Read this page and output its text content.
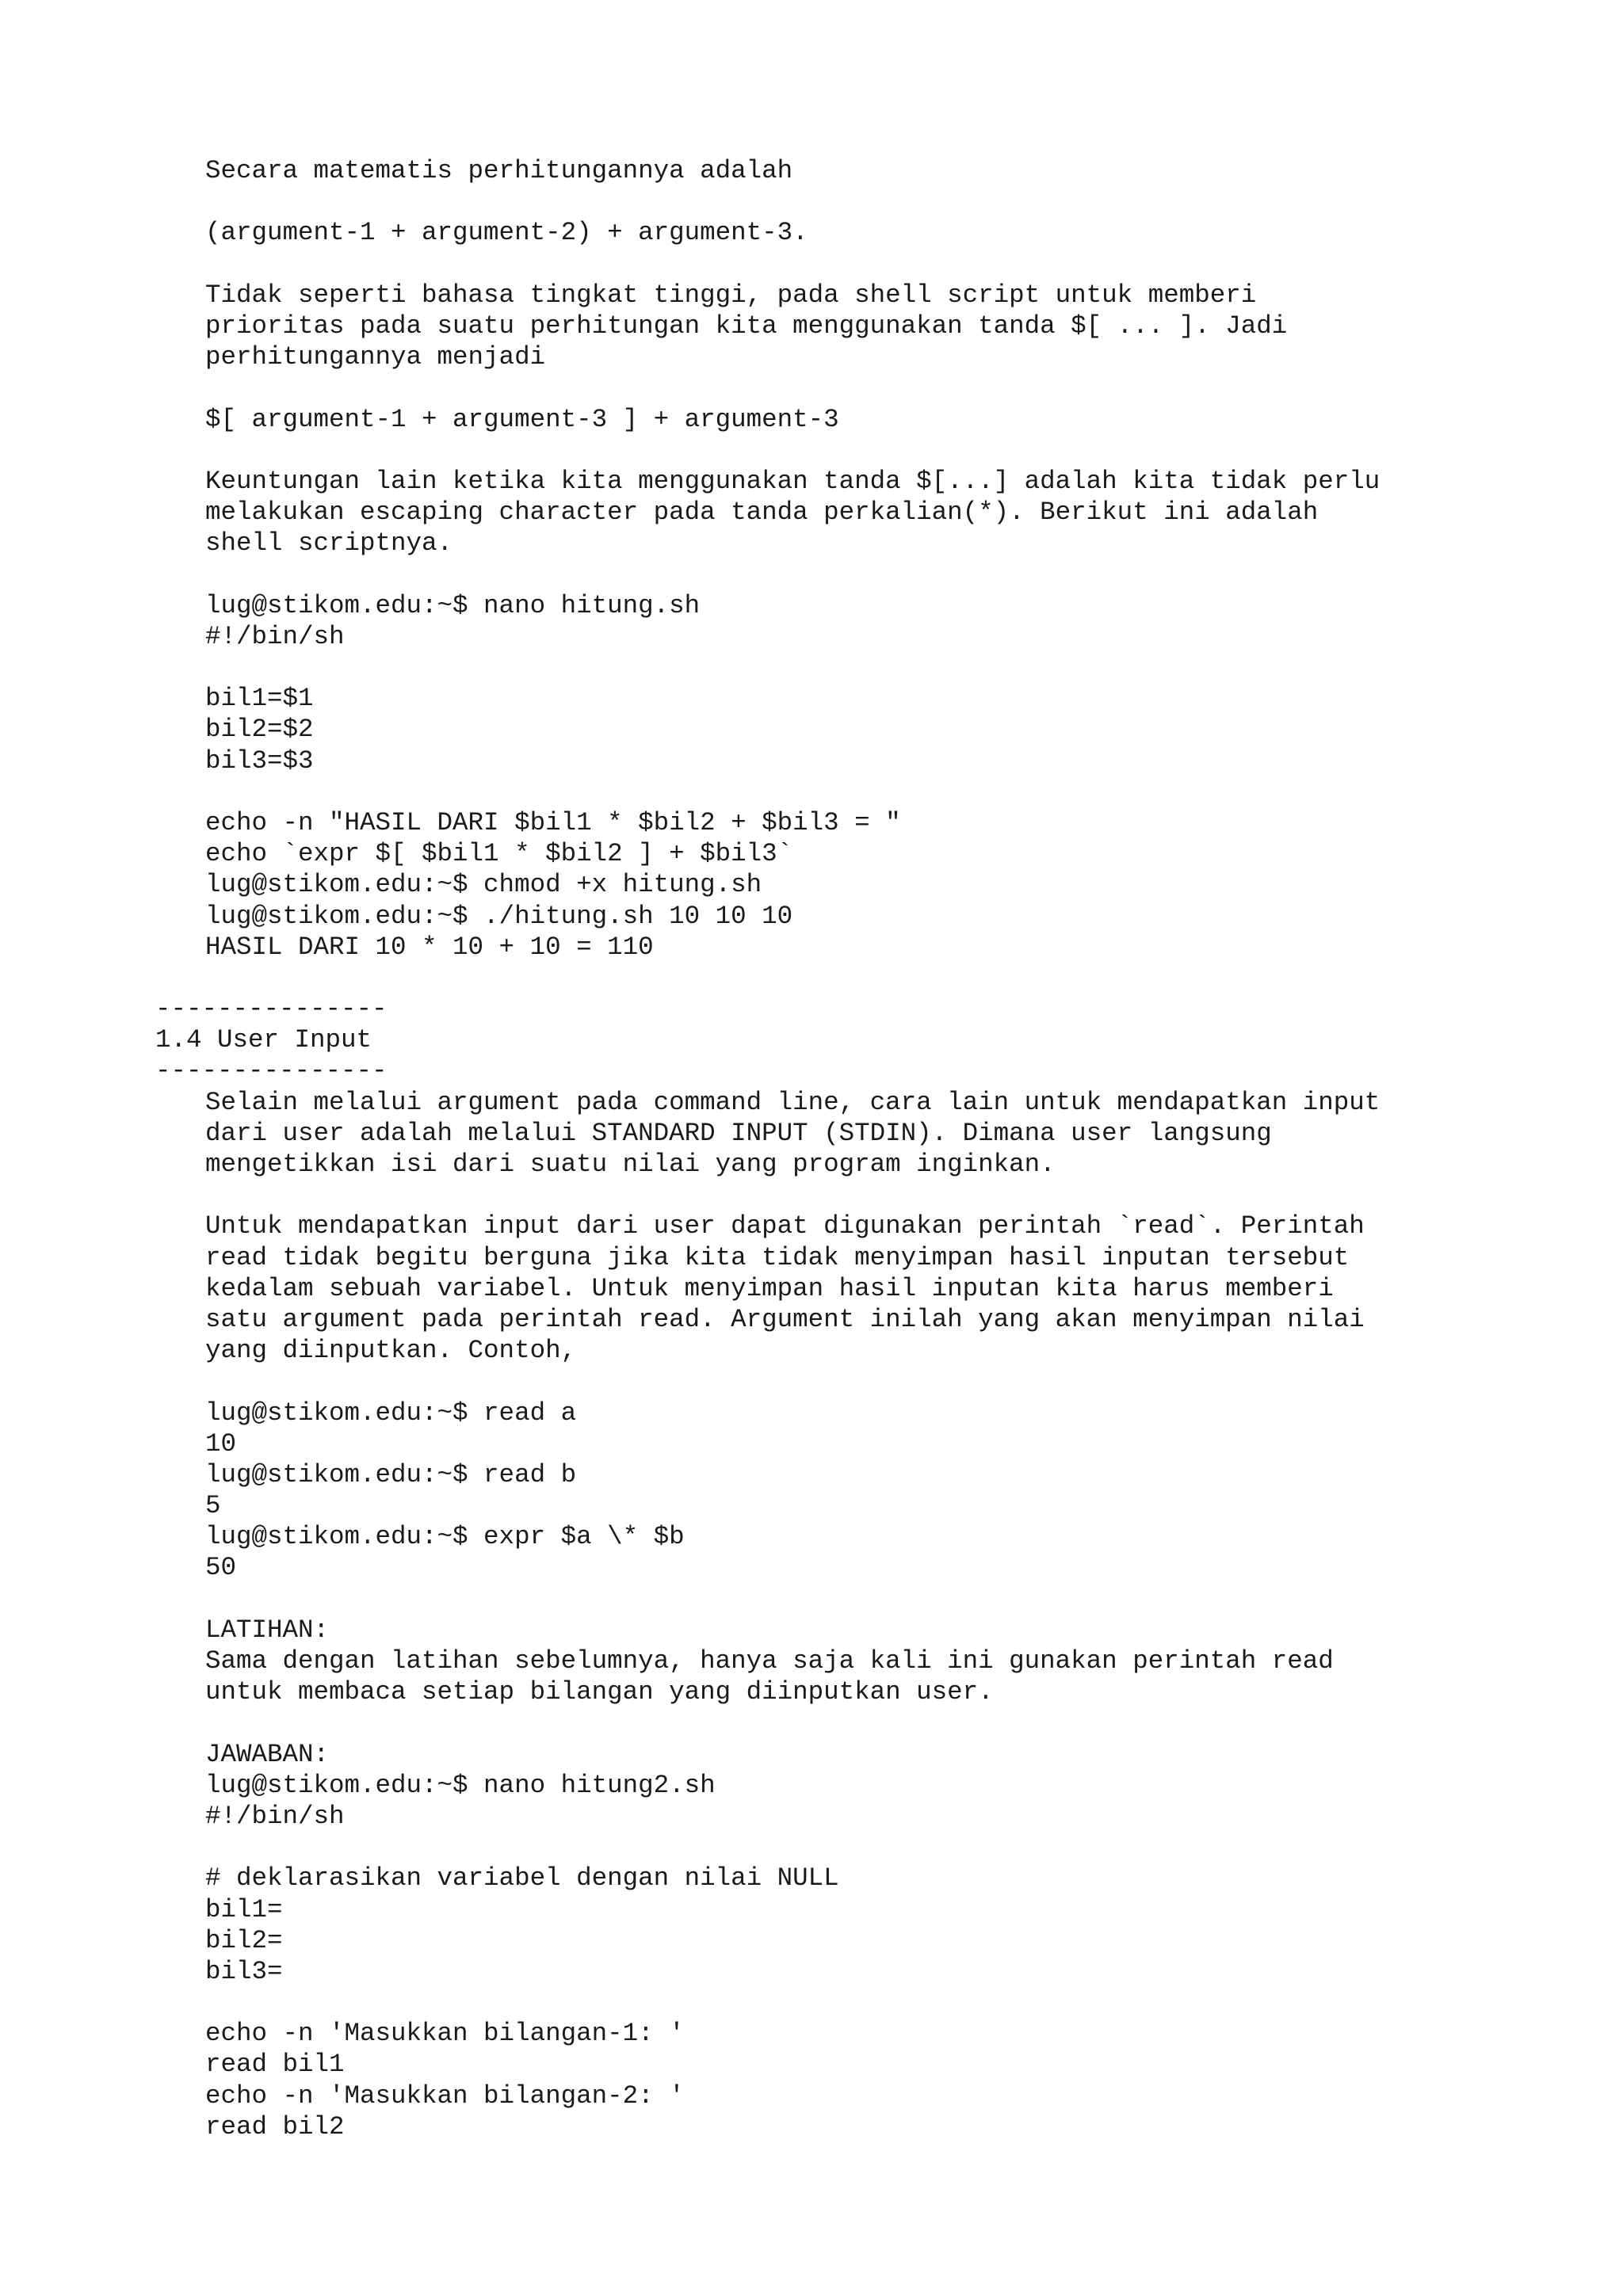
Secara matematis perhitungannya adalah
(argument-1 + argument-2) + argument-3.
Tidak seperti bahasa tingkat tinggi, pada shell script untuk memberi
prioritas pada suatu perhitungan kita menggunakan tanda $[ ... ]. Jadi
perhitungannya menjadi
$[ argument-1 + argument-3 ] + argument-3
Keuntungan lain ketika kita menggunakan tanda $[...] adalah kita tidak perlu
melakukan escaping character pada tanda perkalian(*). Berikut ini adalah
shell scriptnya.
lug@stikom.edu:~$ nano hitung.sh
#!/bin/sh
bil1=$1
bil2=$2
bil3=$3
echo -n "HASIL DARI $bil1 * $bil2 + $bil3 = "
echo `expr $[ $bil1 * $bil2 ] + $bil3`
lug@stikom.edu:~$ chmod +x hitung.sh
lug@stikom.edu:~$ ./hitung.sh 10 10 10
HASIL DARI 10 * 10 + 10 = 110
---------------
1.4 User Input
---------------
Selain melalui argument pada command line, cara lain untuk mendapatkan input
dari user adalah melalui STANDARD INPUT (STDIN). Dimana user langsung
mengetikkan isi dari suatu nilai yang program inginkan.
Untuk mendapatkan input dari user dapat digunakan perintah `read`. Perintah
read tidak begitu berguna jika kita tidak menyimpan hasil inputan tersebut
kedalam sebuah variabel. Untuk menyimpan hasil inputan kita harus memberi
satu argument pada perintah read. Argument inilah yang akan menyimpan nilai
yang diinputkan. Contoh,
lug@stikom.edu:~$ read a
10
lug@stikom.edu:~$ read b
5
lug@stikom.edu:~$ expr $a \* $b
50
LATIHAN:
Sama dengan latihan sebelumnya, hanya saja kali ini gunakan perintah read
untuk membaca setiap bilangan yang diinputkan user.
JAWABAN:
lug@stikom.edu:~$ nano hitung2.sh
#!/bin/sh
# deklarasikan variabel dengan nilai NULL
bil1=
bil2=
bil3=
echo -n 'Masukkan bilangan-1: '
read bil1
echo -n 'Masukkan bilangan-2: '
read bil2
